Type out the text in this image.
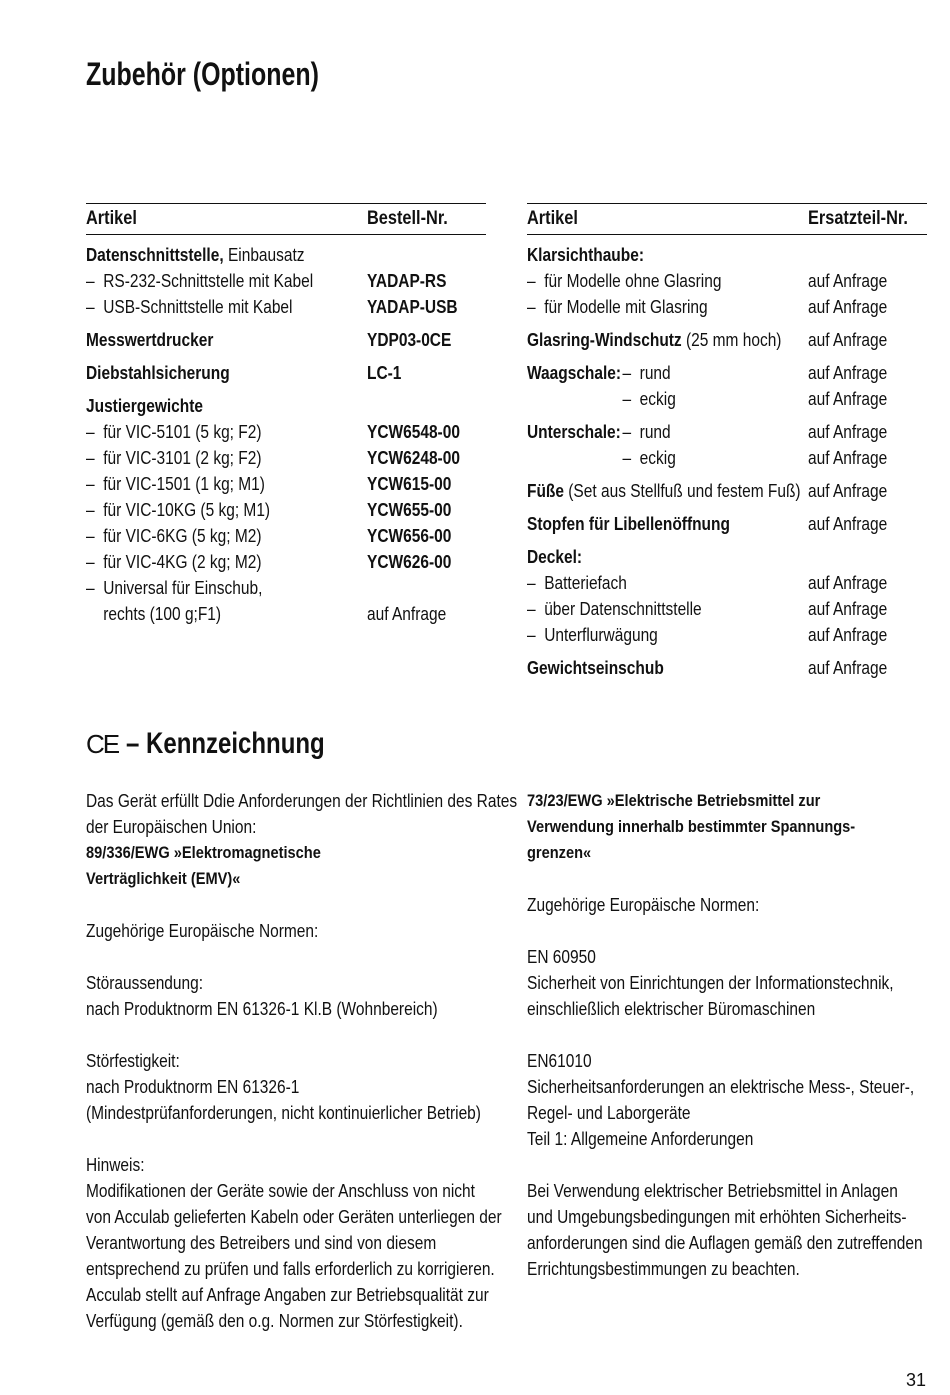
Zubehör (Optionen)
Artikel	Bestell-Nr.
Datenschnittstelle, Einbausatz
– RS-232-Schnittstelle mit Kabel	YADAP-RS
– USB-Schnittstelle mit Kabel	YADAP-USB
Messwertdrucker	YDP03-0CE
Diebstahlsicherung	LC-1
Justiergewichte
– für VIC-5101 (5 kg; F2)	YCW6548-00
– für VIC-3101 (2 kg; F2)	YCW6248-00
– für VIC-1501 (1 kg; M1)	YCW615-00
– für VIC-10KG (5 kg; M1)	YCW655-00
– für VIC-6KG (5 kg; M2)	YCW656-00
– für VIC-4KG (2 kg; M2)	YCW626-00
– Universal für Einschub,
rechts (100 g;F1)	auf Anfrage
Artikel	Ersatzteil-Nr.
Klarsichthaube:
– für Modelle ohne Glasring	auf Anfrage
– für Modelle mit Glasring	auf Anfrage
Glasring-Windschutz (25 mm hoch)	auf Anfrage
Waagschale:– rund	auf Anfrage
– eckig	auf Anfrage
Unterschale:– rund	auf Anfrage
– eckig	auf Anfrage
Füße (Set aus Stellfuß und festem Fuß) auf Anfrage
Stopfen für Libellenöffnung	auf Anfrage
Deckel:
– Batteriefach	auf Anfrage
– über Datenschnittstelle	auf Anfrage
– Unterflurwägung	auf Anfrage
Gewichtseinschub	auf Anfrage
CE – Kennzeichnung

Das Gerät erfüllt Ddie Anforderungen der Richtlinien des Rates

der Europäischen Union:

89/336/EWG »Elektromagnetische

Verträglichkeit (EMV)«

Zugehörige Europäische Normen:

Störaussendung:

nach Produktnorm EN 61326-1 Kl.B (Wohnbereich)

Störfestigkeit:

nach Produktnorm EN 61326-1

(Mindestprüfanforderungen, nicht kontinuierlicher Betrieb)

Hinweis:

Modifikationen der Geräte sowie der Anschluss von nicht

von Acculab gelieferten Kabeln oder Geräten unterliegen der

Verantwortung des Betreibers und sind von diesem

entsprechend zu prüfen und falls erforderlich zu korrigieren.

Acculab stellt auf Anfrage Angaben zur Betriebsqualität zur

Verfügung (gemäß den o.g. Normen zur Störfestigkeit).

73/23/EWG »Elektrische Betriebsmittel zur

Verwendung innerhalb bestimmter Spannungs-

grenzen«

Zugehörige Europäische Normen:

EN 60950

Sicherheit von Einrichtungen der Informationstechnik,

einschließlich elektrischer Büromaschinen

EN61010

Sicherheitsanforderungen an elektrische Mess-, Steuer-,

Regel- und Laborgeräte

Teil 1: Allgemeine Anforderungen

Bei Verwendung elektrischer Betriebsmittel in Anlagen

und Umgebungsbedingungen mit erhöhten Sicherheits-

anforderungen sind die Auflagen gemäß den zutreffenden

Errichtungsbestimmungen zu beachten.

31
